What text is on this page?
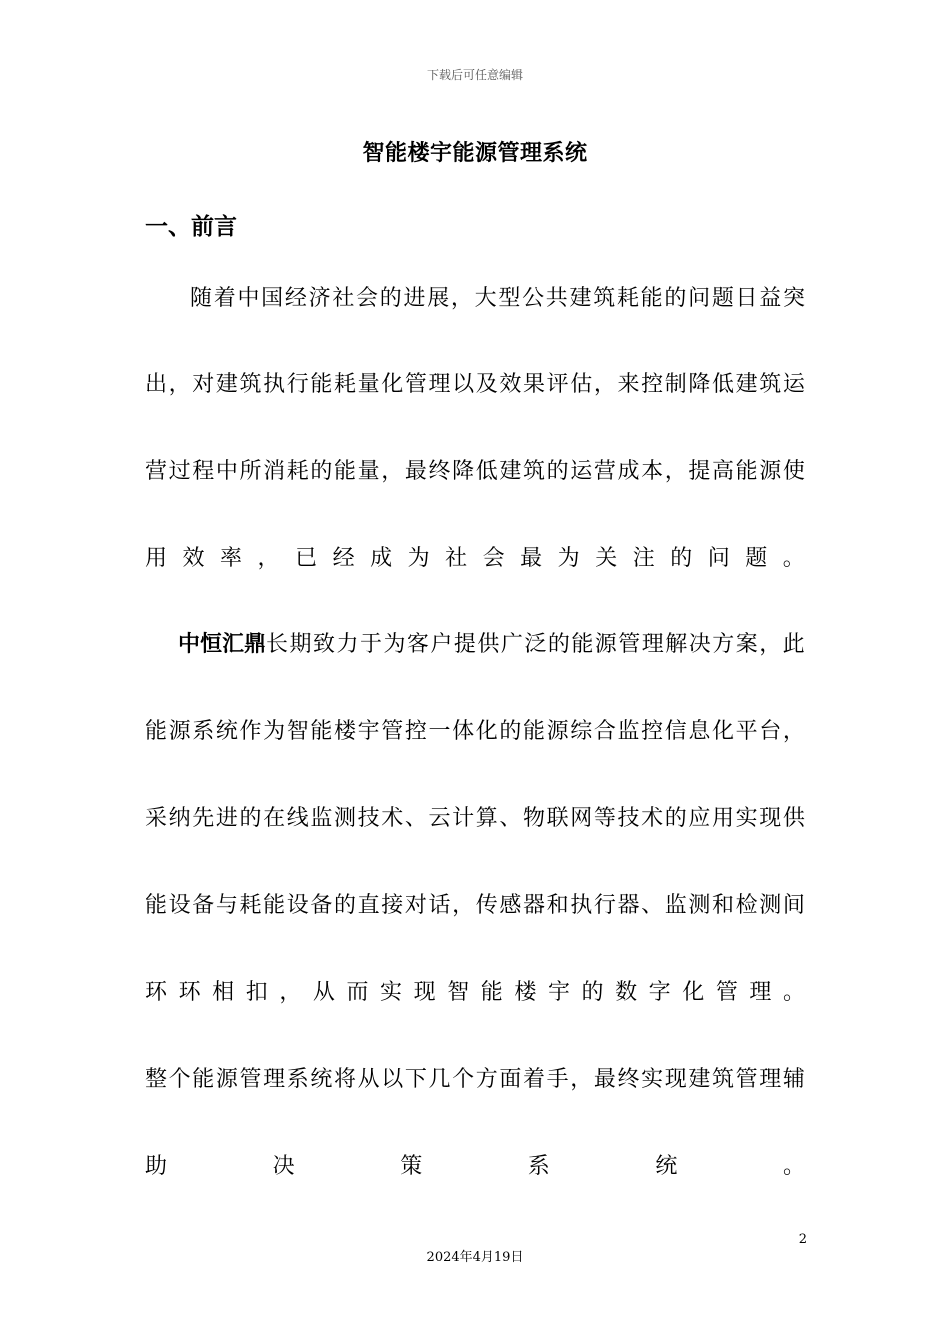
下载后可任意编辑
智能楼宇能源管理系统
一、前言
随 着 中 国 经 济 社 会 的 进 展 ， 大 型 公 共 建 筑 耗 能 的 问 题 日 益 突
出 ， 对 建 筑 执 行 能 耗 量 化 管 理 以 及 效 果 评 估 ， 来 控 制 降 低 建 筑 运
营 过 程 中 所 消 耗 的 能 量 ， 最 终 降 低 建 筑 的 运 营 成 本 ， 提 高 能 源 使
用 效 率 ， 已 经 成 为 社 会 最 为 关 注 的 问 题 。
中恒汇鼎 长 期 致 力 于 为 客 户 提 供 广 泛 的 能 源 管 理 解 决 方 案 ， 此
能 源 系 统 作 为 智 能 楼 宇 管 控 一 体 化 的 能 源 综 合 监 控 信 息 化 平 台 ，
采 纳 先 进 的 在 线 监 测 技 术 、 云 计 算 、 物 联 网 等 技 术 的 应 用 实 现 供
能 设 备 与 耗 能 设 备 的 直 接 对 话 ， 传 感 器 和 执 行 器 、 监 测 和 检 测 间
环 环 相 扣 ， 从 而 实 现 智 能 楼 宇 的 数 字 化 管 理 。
整 个 能 源 管 理 系 统 将 从 以 下 几 个 方 面 着 手 ， 最 终 实 现 建 筑 管 理 辅
助	决	策	系	统	。
2
2024年4月19日
